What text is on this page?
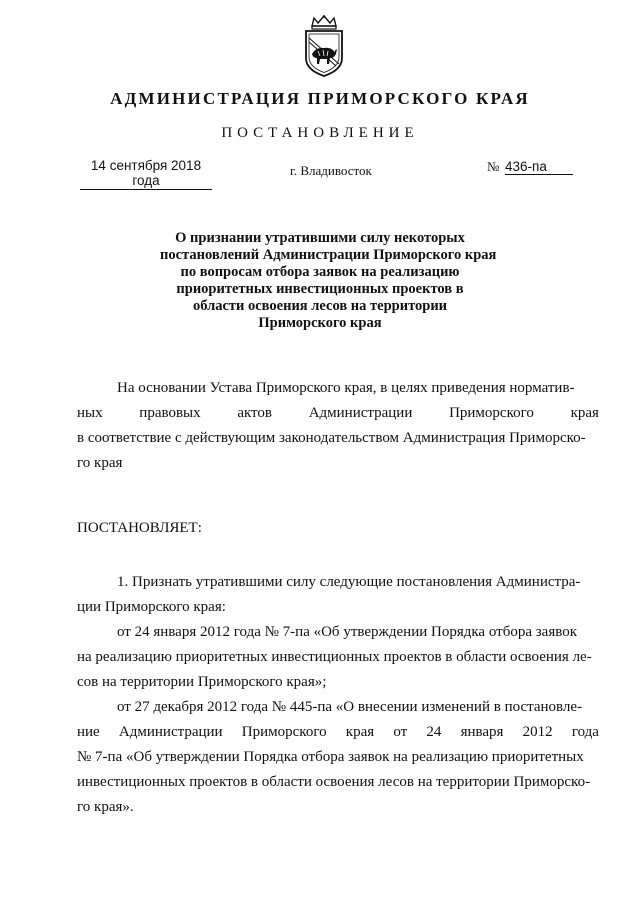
АДМИНИСТРАЦИЯ ПРИМОРСКОГО КРАЯ
ПОСТАНОВЛЕНИЕ
14 сентября 2018 года
г. Владивосток	№ 436-па
О признании утратившими силу некоторых
постановлений Администрации Приморского края
по вопросам отбора заявок на реализацию
приоритетных инвестиционных проектов в
области освоения лесов на территории
Приморского края
На основании Устава Приморского края, в целях приведения норматив-
ных правовых актов Администрации Приморского края
в соответствие с действующим законодательством Администрация Приморско-
го края
ПОСТАНОВЛЯЕТ:
1. Признать утратившими силу следующие постановления Администра-
ции Приморского края:
от 24 января 2012 года № 7-па «Об утверждении Порядка отбора заявок
на реализацию приоритетных инвестиционных проектов в области освоения ле-
сов на территории Приморского края»;
от 27 декабря 2012 года № 445-па «О внесении изменений в постановле-
ние Администрации Приморского края от 24 января 2012 года
№ 7-па «Об утверждении Порядка отбора заявок на реализацию приоритетных
инвестиционных проектов в области освоения лесов на территории Приморско-
го края».
